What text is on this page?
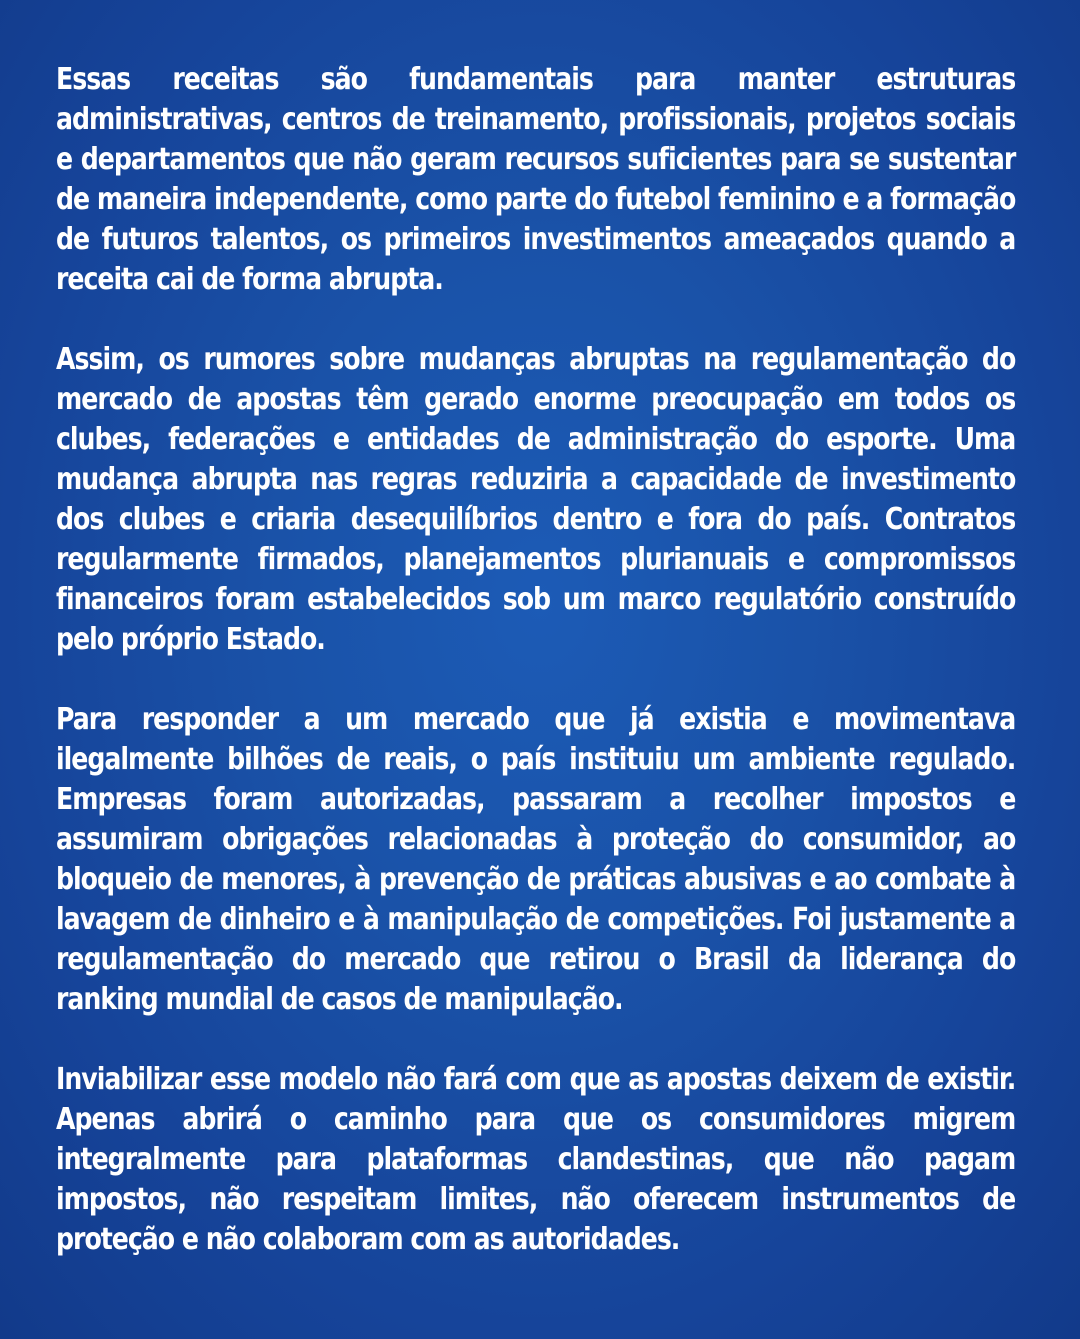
Essas receitas são fundamentais para manter estruturas administrativas, centros de treinamento, profissionais, projetos sociais e departamentos que não geram recursos suficientes para se sustentar de maneira independente, como parte do futebol feminino e a formação de futuros talentos, os primeiros investimentos ameaçados quando a receita cai de forma abrupta.

Assim, os rumores sobre mudanças abruptas na regulamentação do mercado de apostas têm gerado enorme preocupação em todos os clubes, federações e entidades de administração do esporte. Uma mudança abrupta nas regras reduziria a capacidade de investimento dos clubes e criaria desequilíbrios dentro e fora do país. Contratos regularmente firmados, planejamentos plurianuais e compromissos financeiros foram estabelecidos sob um marco regulatório construído pelo próprio Estado.

Para responder a um mercado que já existia e movimentava ilegalmente bilhões de reais, o país instituiu um ambiente regulado. Empresas foram autorizadas, passaram a recolher impostos e assumiram obrigações relacionadas à proteção do consumidor, ao bloqueio de menores, à prevenção de práticas abusivas e ao combate à lavagem de dinheiro e à manipulação de competições. Foi justamente a regulamentação do mercado que retirou o Brasil da liderança do ranking mundial de casos de manipulação.

Inviabilizar esse modelo não fará com que as apostas deixem de existir. Apenas abrirá o caminho para que os consumidores migrem integralmente para plataformas clandestinas, que não pagam impostos, não respeitam limites, não oferecem instrumentos de proteção e não colaboram com as autoridades.
